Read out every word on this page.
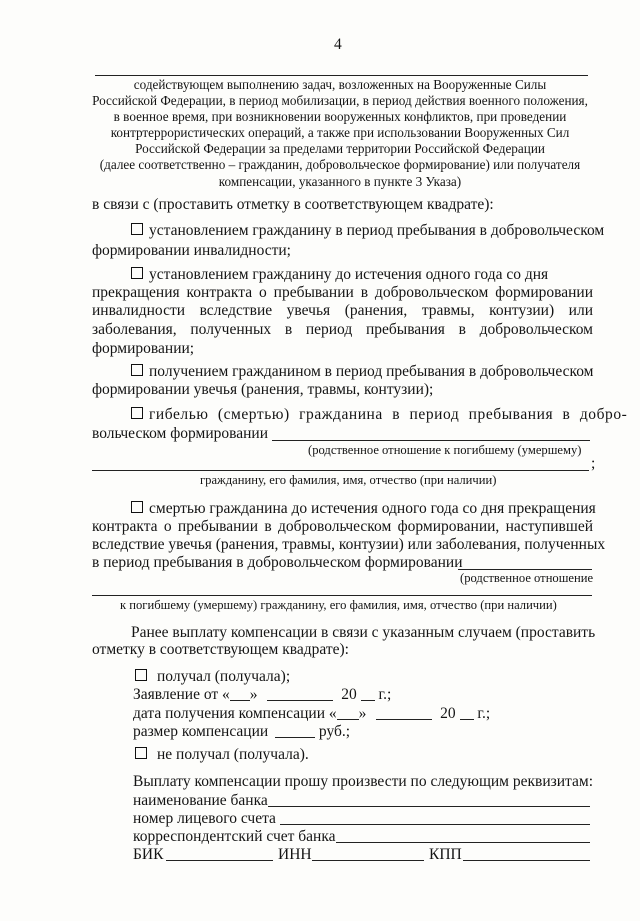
4
содействующем выполнению задач, возложенных на Вооруженные Силы
Российской Федерации, в период мобилизации, в период действия военного положения,
в военное время, при возникновении вооруженных конфликтов, при проведении
контртеррористических операций, а также при использовании Вооруженных Сил
Российской Федерации за пределами территории Российской Федерации
(далее соответственно – гражданин, добровольческое формирование) или получателя
компенсации, указанного в пункте 3 Указа)
в связи с (проставить отметку в соответствующем квадрате):
установлением гражданину в период пребывания в добровольческом
формировании инвалидности;
установлением гражданину до истечения одного года со дня
прекращения контракта о пребывании в добровольческом формировании
инвалидности вследствие увечья (ранения, травмы, контузии) или
заболевания, полученных в период пребывания в добровольческом
формировании;
получением гражданином в период пребывания в добровольческом
формировании увечья (ранения, травмы, контузии);
гибелью (смертью) гражданина в период пребывания в добро-
вольческом формировании
(родственное отношение к погибшему (умершему)
;
гражданину, его фамилия, имя, отчество (при наличии)
смертью гражданина до истечения одного года со дня прекращения
контракта о пребывании в добровольческом формировании, наступившей
вследствие увечья (ранения, травмы, контузии) или заболевания, полученных
в период пребывания в добровольческом формировании
(родственное отношение
к погибшему (умершему) гражданину, его фамилия, имя, отчество (при наличии)
Ранее выплату компенсации в связи с указанным случаем (проставить
отметку в соответствующем квадрате):
получал (получала);
Заявление от « »	20 г.;
дата получения компенсации « »	20 г.;
размер компенсации	руб.;
не получал (получала).
Выплату компенсации прошу произвести по следующим реквизитам:
наименование банка
номер лицевого счета
корреспондентский счет банка
БИК	ИНН	КПП
